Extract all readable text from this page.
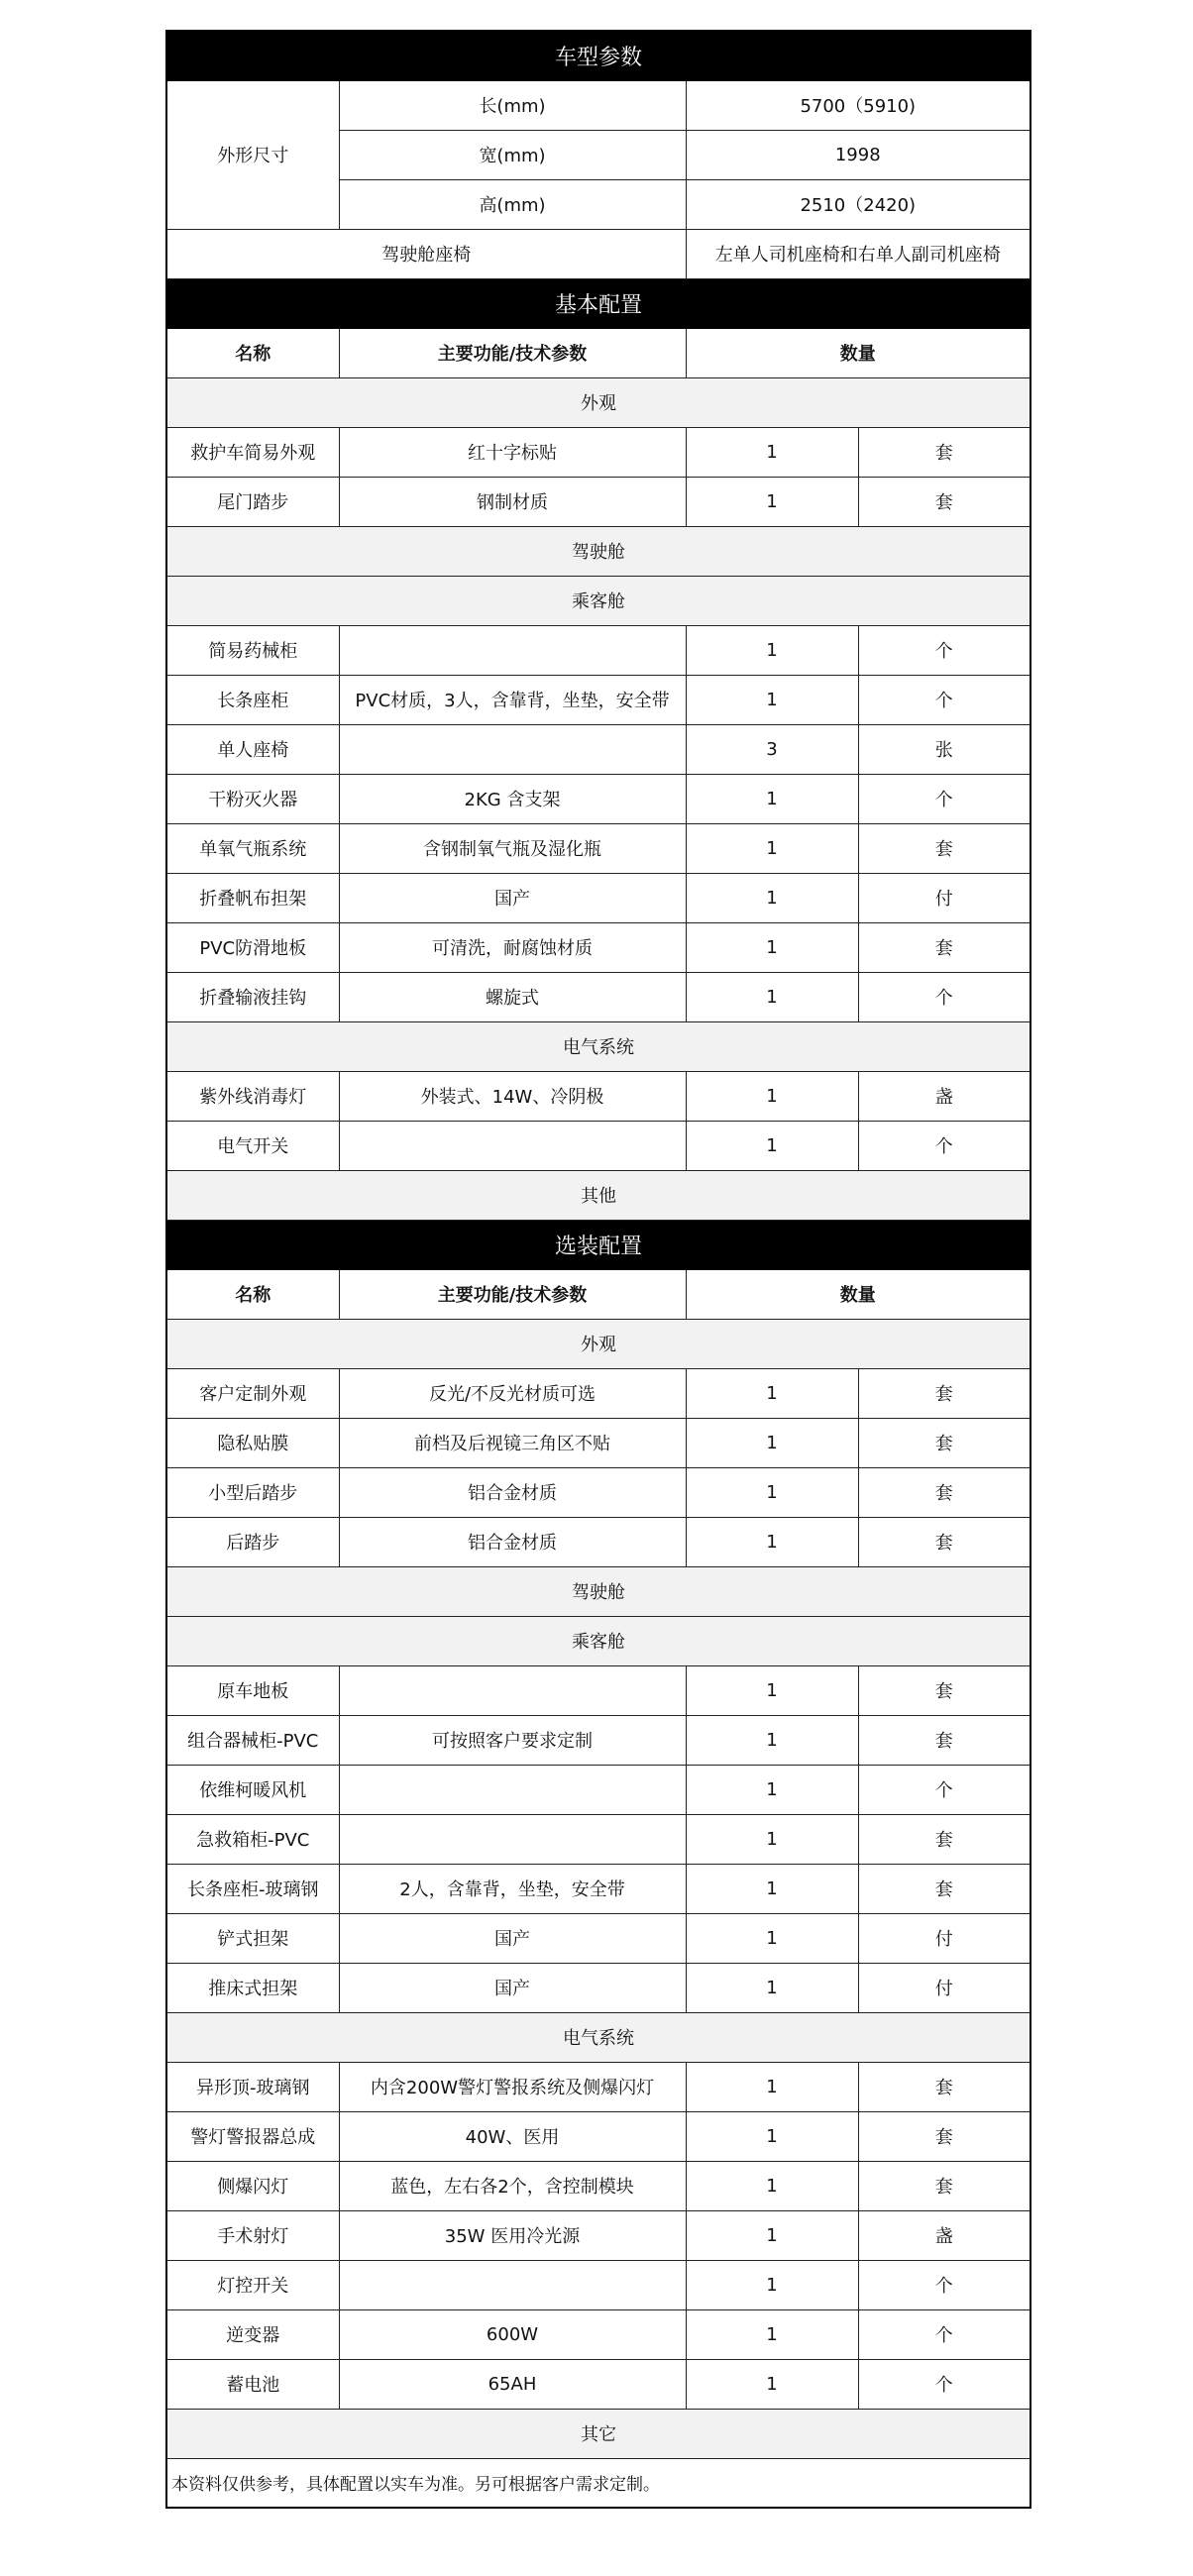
车型参数			
外形尺寸	长(mm)	5700（5910)	
	宽(mm)	1998	
	高(mm)	2510（2420)	
驾驶舱座椅		左单人司机座椅和右单人副司机座椅	
基本配置			
名称	主要功能/技术参数	数量	
外观			
救护车简易外观	红十字标贴	1	套
尾门踏步	钢制材质	1	套
驾驶舱			
乘客舱			
简易药械柜		1	个
长条座柜	PVC材质，3人，含靠背，坐垫，安全带	1	个
单人座椅		3	张
干粉灭火器	2KG 含支架	1	个
单氧气瓶系统	含钢制氧气瓶及湿化瓶	1	套
折叠帆布担架	国产	1	付
PVC防滑地板	可清洗，耐腐蚀材质	1	套
折叠输液挂钩	螺旋式	1	个
电气系统			
紫外线消毒灯	外装式、14W、冷阴极	1	盏
电气开关		1	个
其他			
选装配置			
名称	主要功能/技术参数	数量	
外观			
客户定制外观	反光/不反光材质可选	1	套
隐私贴膜	前档及后视镜三角区不贴	1	套
小型后踏步	铝合金材质	1	套
后踏步	铝合金材质	1	套
驾驶舱			
乘客舱			
原车地板		1	套
组合器械柜-PVC	可按照客户要求定制	1	套
依维柯暖风机		1	个
急救箱柜-PVC		1	套
长条座柜-玻璃钢	2人，含靠背，坐垫，安全带	1	套
铲式担架	国产	1	付
推床式担架	国产	1	付
电气系统			
异形顶-玻璃钢	内含200W警灯警报系统及侧爆闪灯	1	套
警灯警报器总成	40W、医用	1	套
侧爆闪灯	蓝色，左右各2个，含控制模块	1	套
手术射灯	35W 医用冷光源	1	盏
灯控开关		1	个
逆变器	600W	1	个
蓄电池	65AH	1	个
其它			
本资料仅供参考，具体配置以实车为准。另可根据客户需求定制。			
